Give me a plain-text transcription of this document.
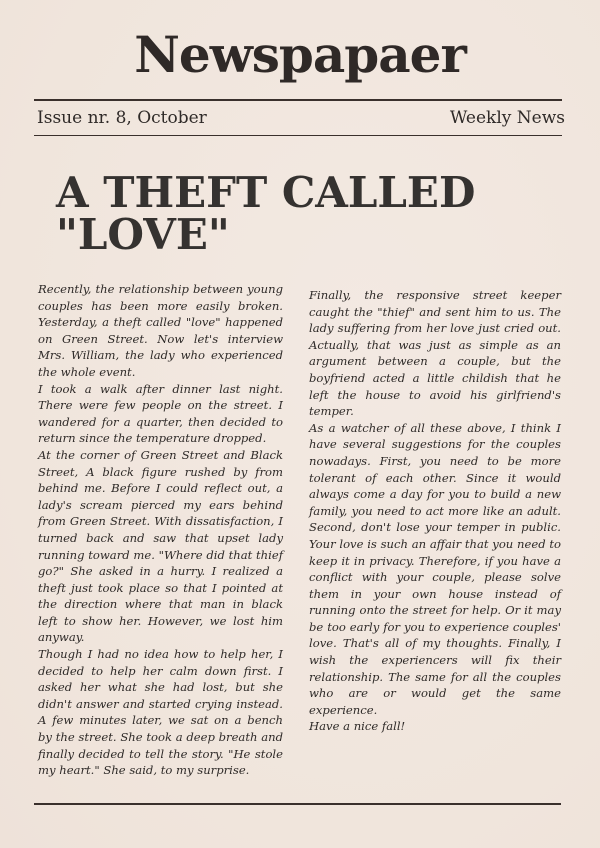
Newspapaer
Issue nr. 8, October	Weekly News
A THEFT CALLED "LOVE"

Recently, the relationship between young couples has been more easily broken. Yesterday, a theft called "love" happened on Green Street. Now let's interview Mrs. William, the lady who experienced the whole event.

I took a walk after dinner last night. There were few people on the street. I wandered for a quarter, then decided to return since the temperature dropped.

At the corner of Green Street and Black Street, A black figure rushed by from behind me. Before I could reflect out, a lady's scream pierced my ears behind from Green Street. With dissatisfaction, I turned back and saw that upset lady running toward me. "Where did that thief go?" She asked in a hurry. I realized a theft just took place so that I pointed at the direction where that man in black left to show her. However, we lost him anyway.

Though I had no idea how to help her, I decided to help her calm down first. I asked her what she had lost, but she didn't answer and started crying instead. A few minutes later, we sat on a bench by the street. She took a deep breath and finally decided to tell the story. "He stole my heart." She said, to my surprise.

Finally, the responsive street keeper caught the "thief" and sent him to us. The lady suffering from her love just cried out. Actually, that was just as simple as an argument between a couple, but the boyfriend acted a little childish that he left the house to avoid his girlfriend's temper.

As a watcher of all these above, I think I have several suggestions for the couples nowadays. First, you need to be more tolerant of each other. Since it would always come a day for you to build a new family, you need to act more like an adult. Second, don't lose your temper in public. Your love is such an affair that you need to keep it in privacy. Therefore, if you have a conflict with your couple, please solve them in your own house instead of running onto the street for help. Or it may be too early for you to experience couples' love. That's all of my thoughts. Finally, I wish the experiencers will fix their relationship. The same for all the couples who are or would get the same experience.

Have a nice fall!
